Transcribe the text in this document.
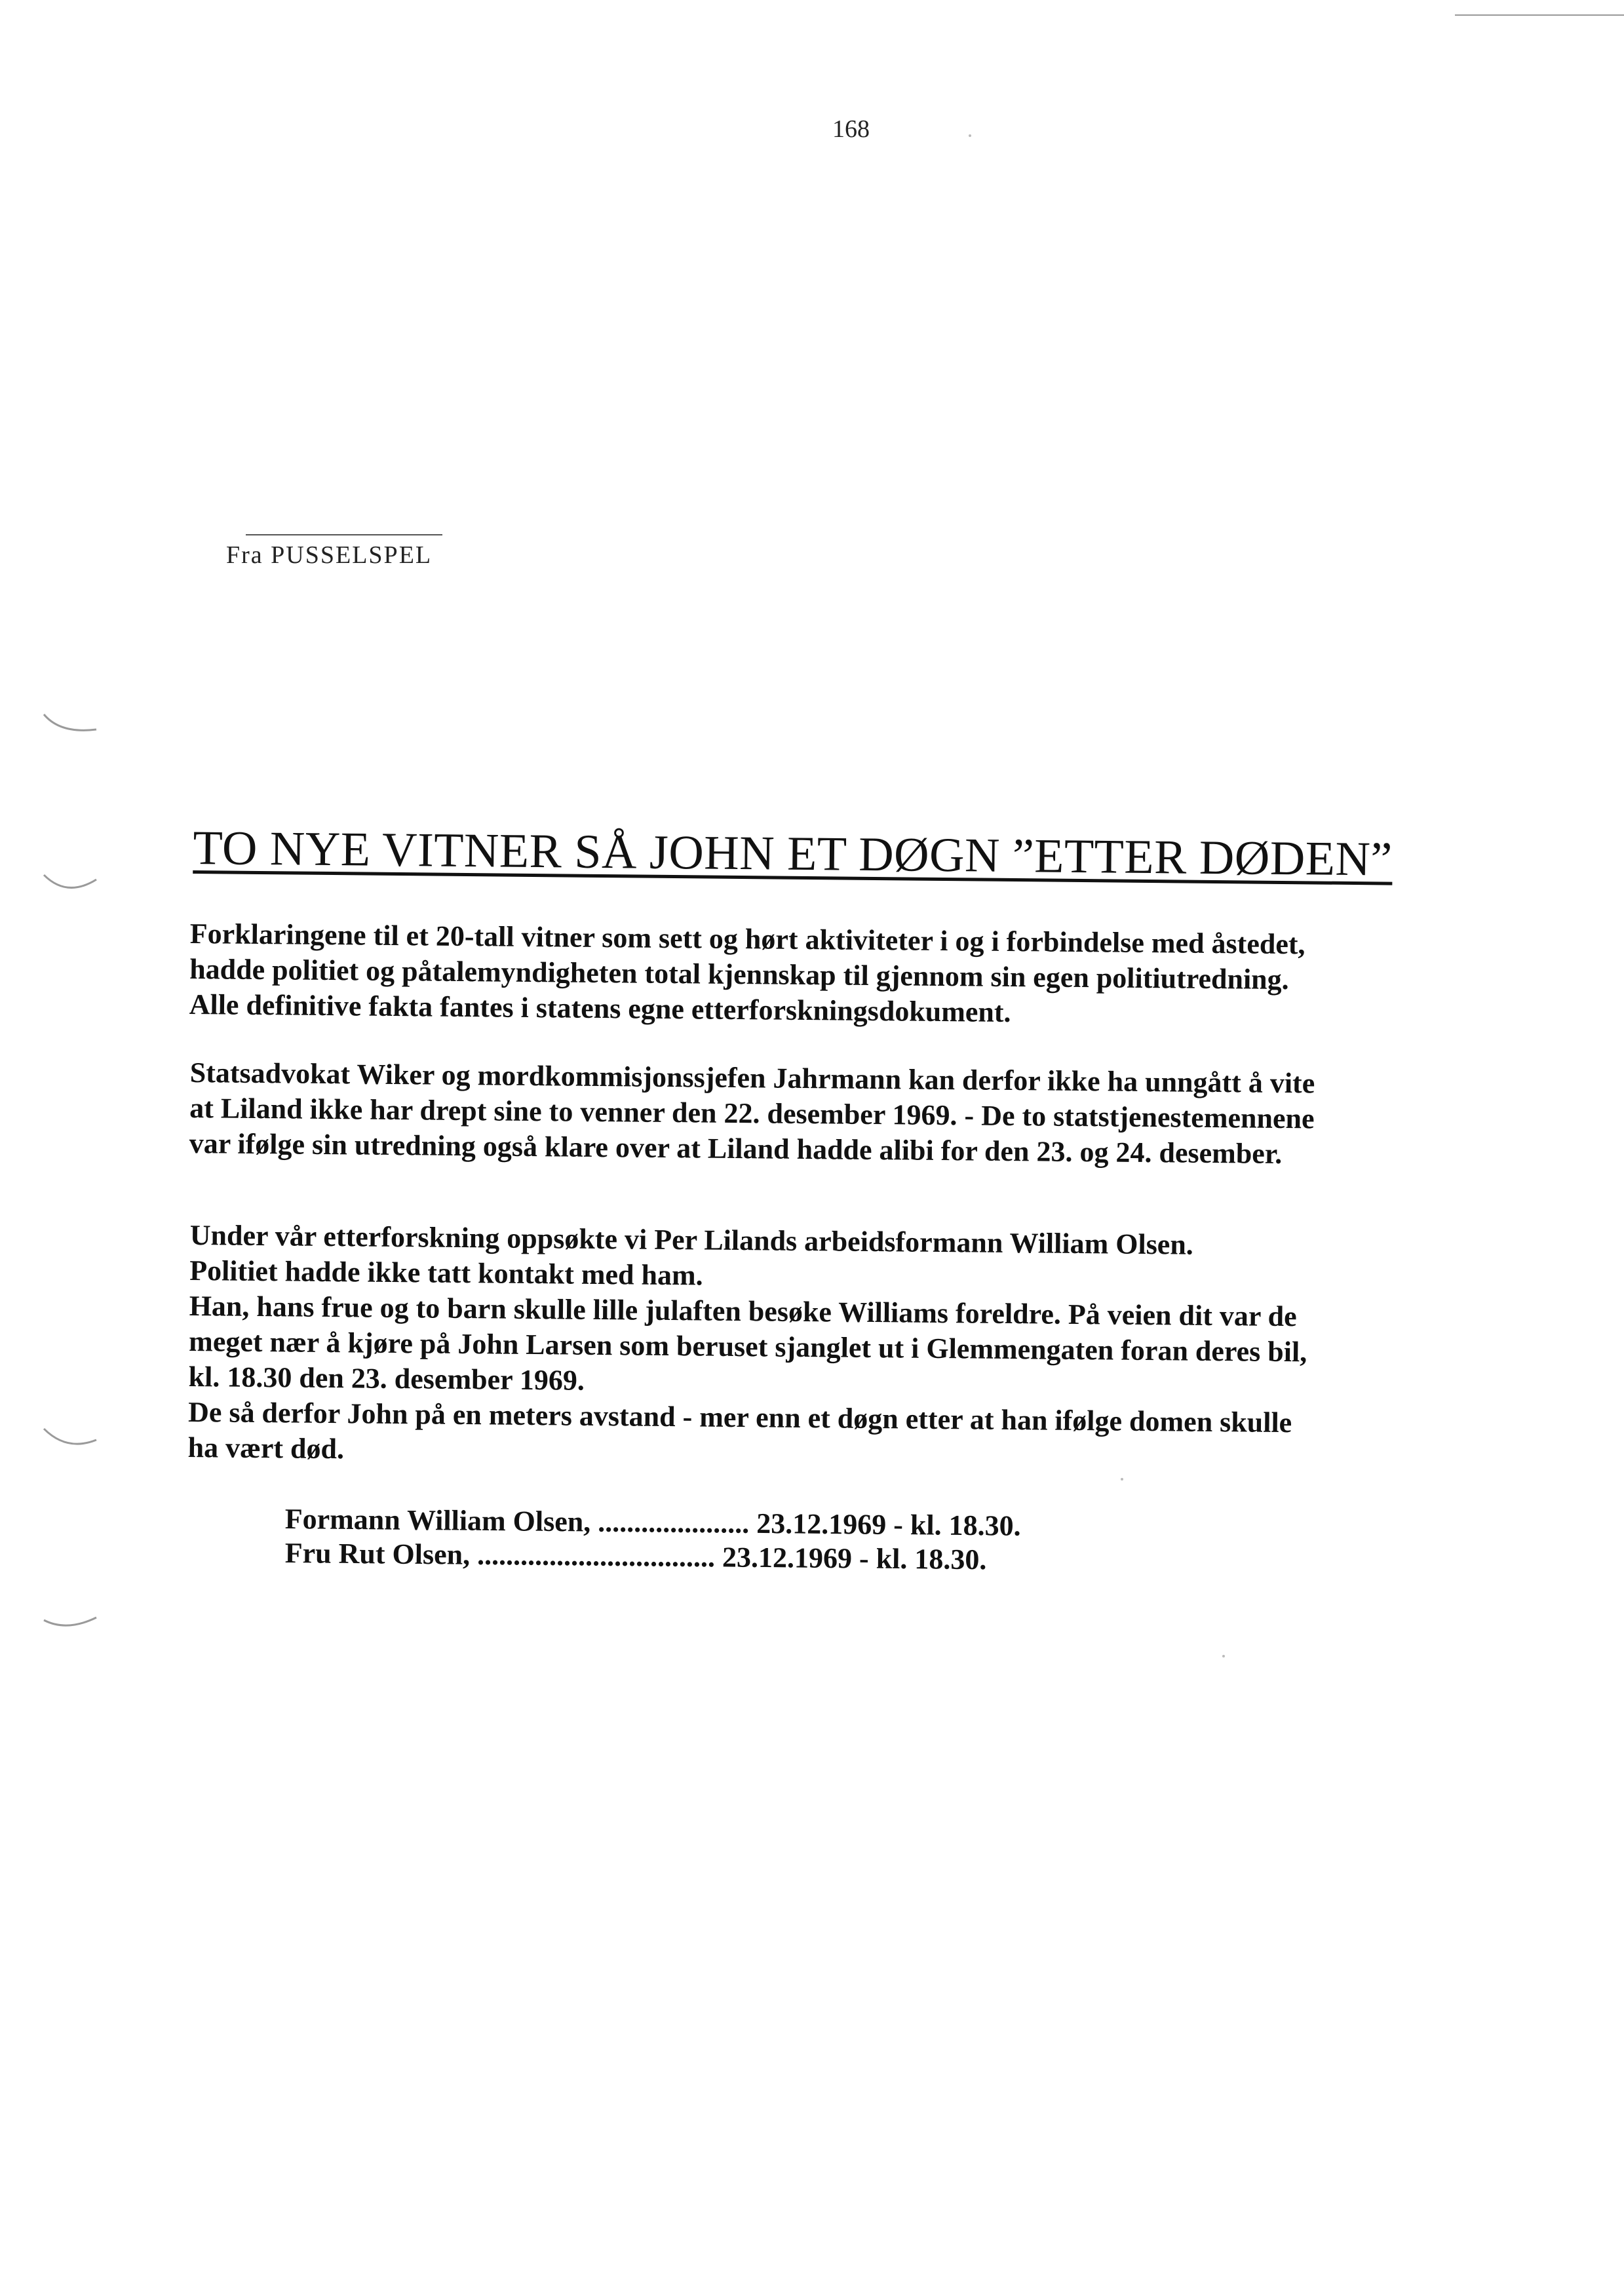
168
Fra PUSSELSPEL
TO NYE VITNER SÅ JOHN ET DØGN ”ETTER DØDEN”
Forklaringene til et 20-tall vitner som sett og hørt aktiviteter i og i forbindelse med åstedet,
hadde politiet og påtalemyndigheten total kjennskap til gjennom sin egen politiutredning.
Alle definitive fakta fantes i statens egne etterforskningsdokument.
Statsadvokat Wiker og mordkommisjonssjefen Jahrmann kan derfor ikke ha unngått å vite
at Liland ikke har drept sine to venner den 22. desember 1969. - De to statstjenestemennene
var ifølge sin utredning også klare over at Liland hadde alibi for den 23. og 24. desember.
Under vår etterforskning oppsøkte vi Per Lilands arbeidsformann William Olsen.
Politiet hadde ikke tatt kontakt med ham.
Han, hans frue og to barn skulle lille julaften besøke Williams foreldre. På veien dit var de
meget nær å kjøre på John Larsen som beruset sjanglet ut i Glemmengaten foran deres bil,
kl. 18.30 den 23. desember 1969.
De så derfor John på en meters avstand - mer enn et døgn etter at han ifølge domen skulle
ha vært død.
Formann William Olsen, ..................... 23.12.1969 - kl. 18.30.
Fru Rut Olsen, ................................. 23.12.1969 - kl. 18.30.
